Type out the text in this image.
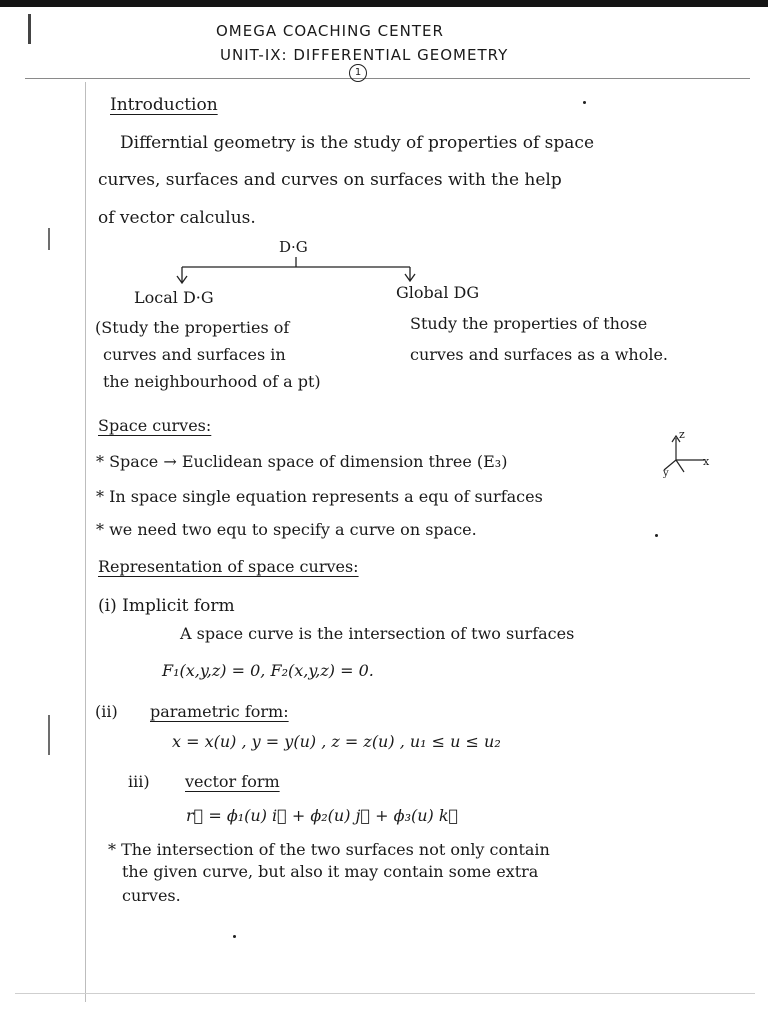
OMEGA COACHING CENTER
UNIT-IX: DIFFERENTIAL GEOMETRY
1
Introduction
Differntial geometry is the study of properties of space
curves, surfaces and curves on surfaces with the help
of vector calculus.
D·G
Local D·G
(Study the properties of
curves and surfaces in
the neighbourhood of a pt)
Global DG
Study the properties of those
curves and surfaces as a whole.
Space curves:
* Space → Euclidean space of dimension three (E₃)
z
x
y
* In space single equation represents a equ of surfaces
* we need two equ to specify a curve on space.
Representation of space curves:
(i) Implicit form
A space curve is the intersection of two surfaces
F₁(x,y,z) = 0, F₂(x,y,z) = 0.
(ii) parametric form:
x = x(u) , y = y(u) , z = z(u) , u₁ ≤ u ≤ u₂
iii) vector form
r⃗ = ϕ₁(u) i⃗ + ϕ₂(u) j⃗ + ϕ₃(u) k⃗
* The intersection of the two surfaces not only contain
the given curve, but also it may contain some extra
curves.
